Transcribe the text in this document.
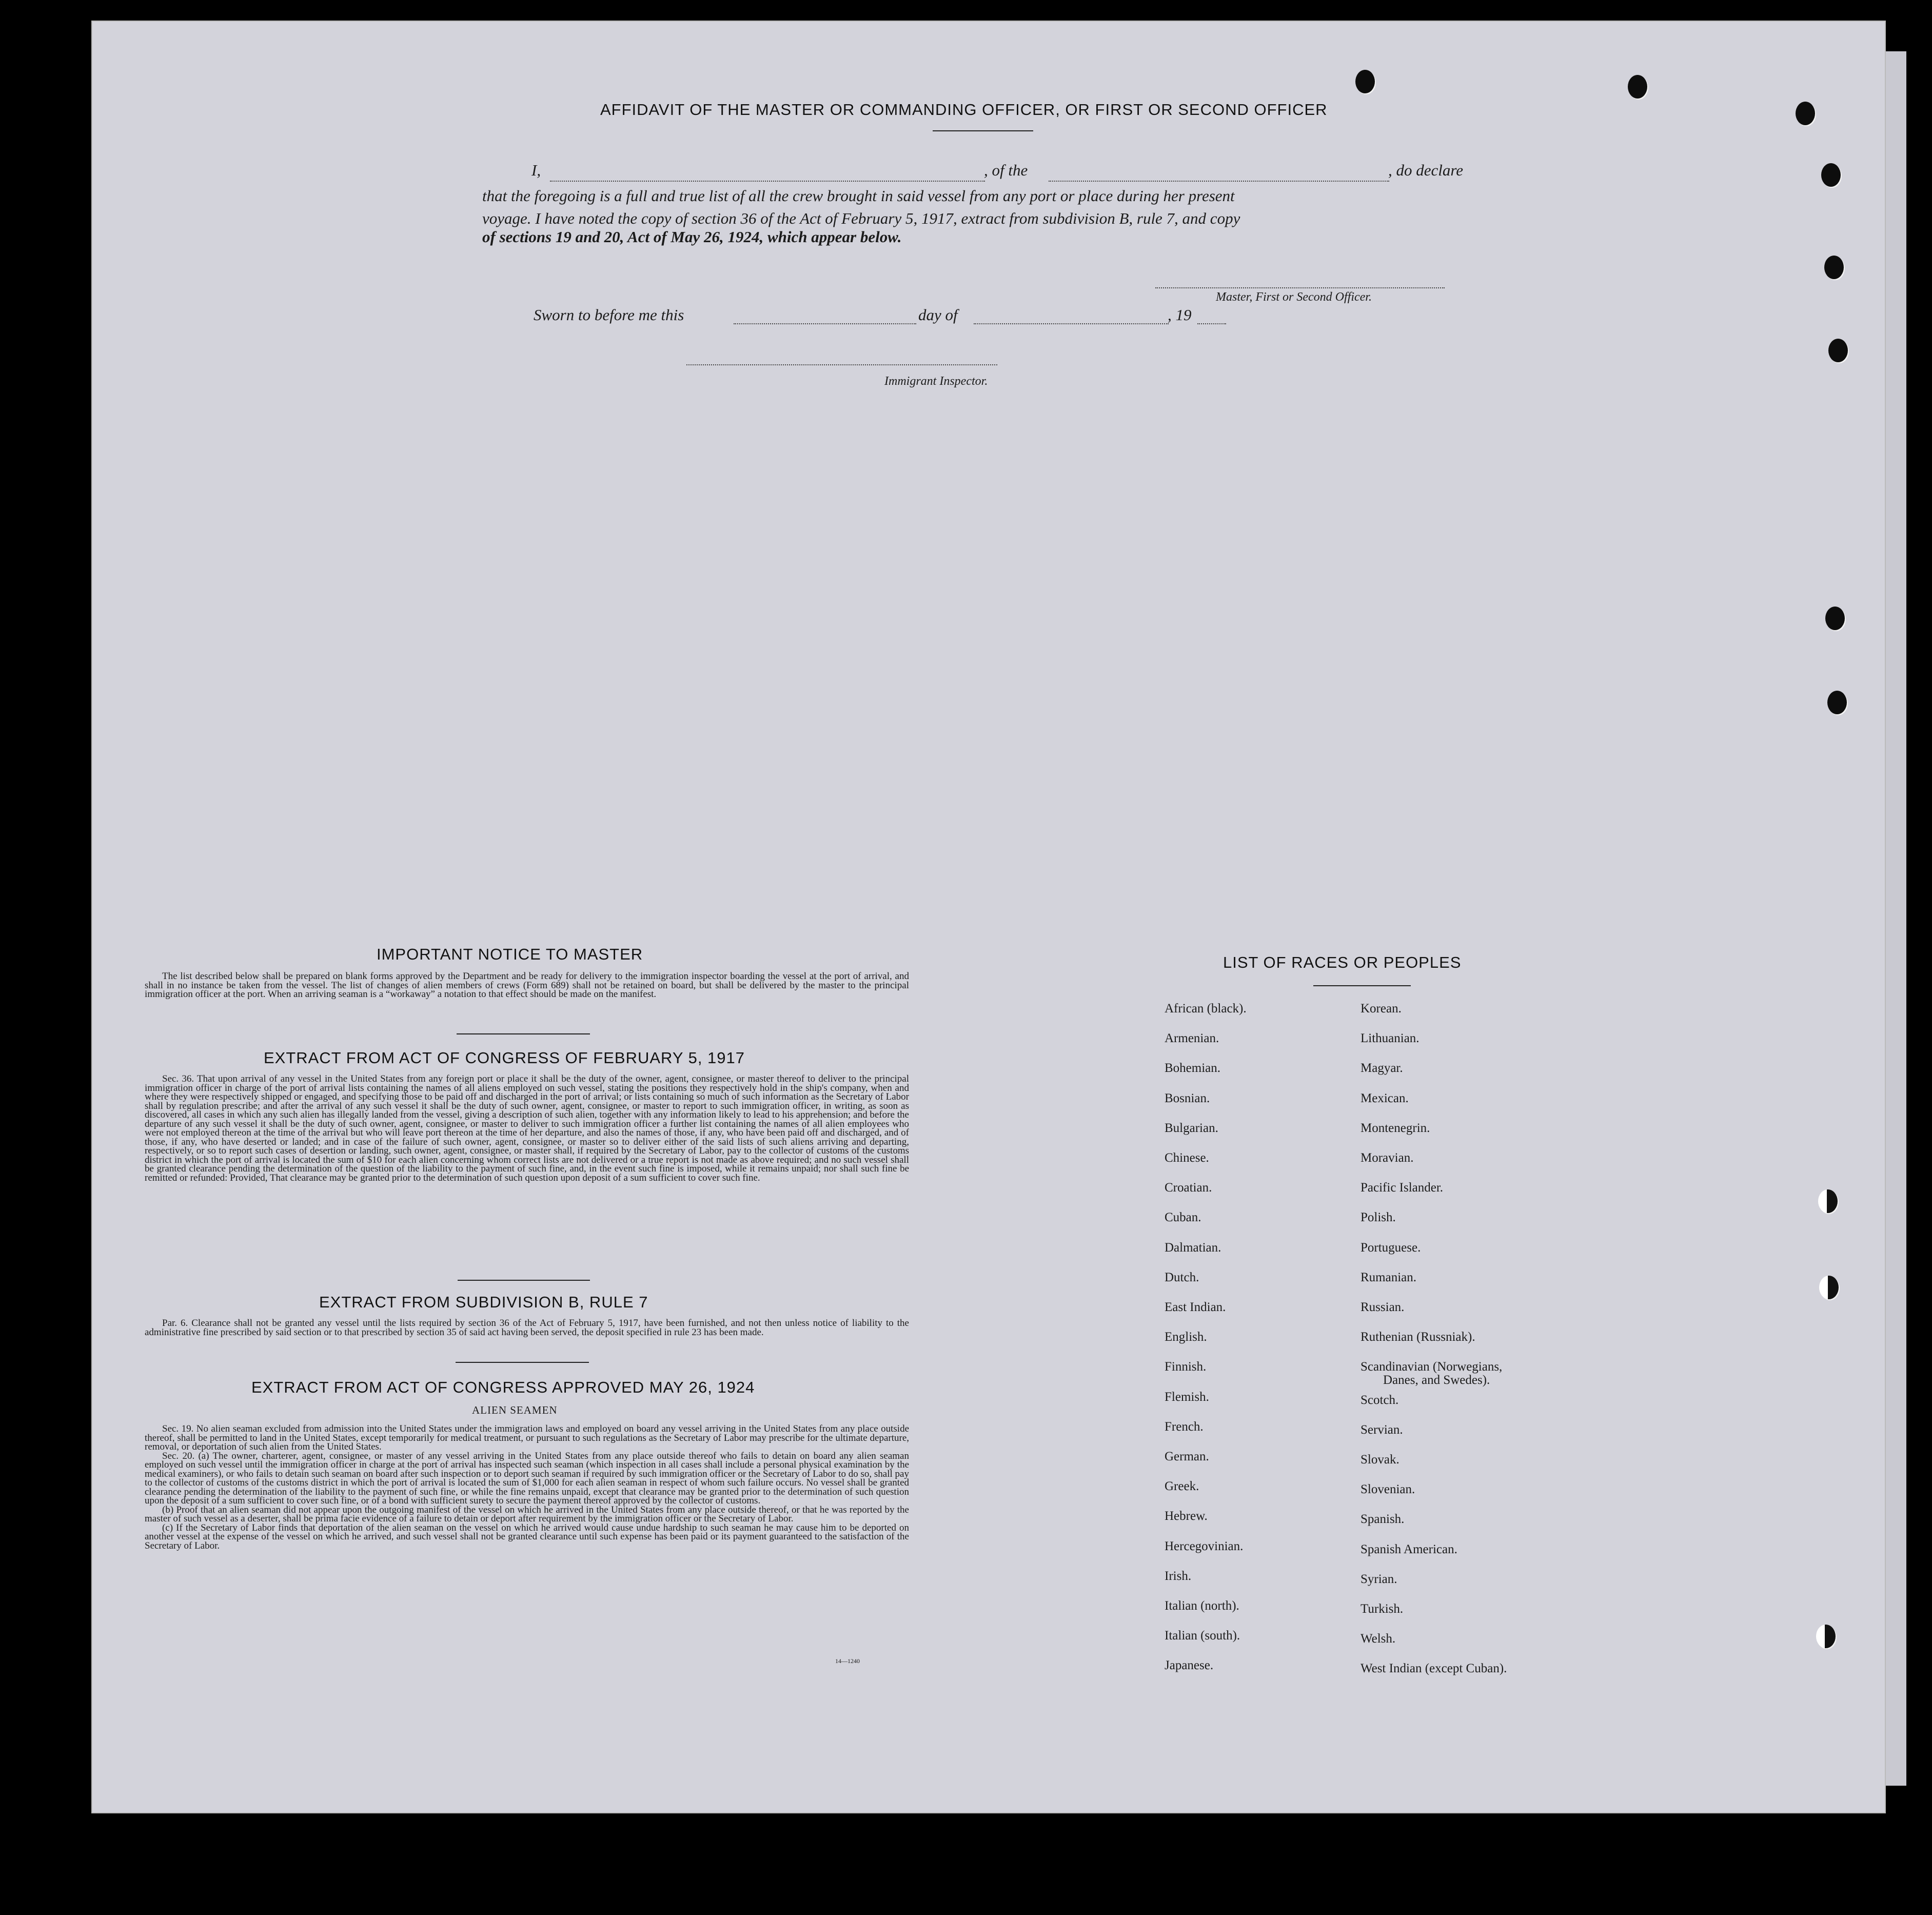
AFFIDAVIT OF THE MASTER OR COMMANDING OFFICER, OR FIRST OR SECOND OFFICER
I,	, of the	, do declare
that the foregoing is a full and true list of all the crew brought in said vessel from any port or place during her present
voyage. I have noted the copy of section 36 of the Act of February 5, 1917, extract from subdivision B, rule 7, and copy
of sections 19 and 20, Act of May 26, 1924, which appear below.
Master, First or Second Officer.
Sworn to before me this	day of	, 19
Immigrant Inspector.
IMPORTANT NOTICE TO MASTER

The list described below shall be prepared on blank forms approved by the Department and be ready for delivery to the immigration inspector boarding the vessel at the port of arrival, and shall in no instance be taken from the vessel. The list of changes of alien members of crews (Form 689) shall not be retained on board, but shall be delivered by the master to the principal immigration officer at the port. When an arriving seaman is a “workaway” a notation to that effect should be made on the manifest.

EXTRACT FROM ACT OF CONGRESS OF FEBRUARY 5, 1917

Sec. 36. That upon arrival of any vessel in the United States from any foreign port or place it shall be the duty of the owner, agent, consignee, or master thereof to deliver to the principal immigration officer in charge of the port of arrival lists containing the names of all aliens employed on such vessel, stating the positions they respectively hold in the ship's company, when and where they were respectively shipped or engaged, and specifying those to be paid off and discharged in the port of arrival; or lists containing so much of such information as the Secretary of Labor shall by regulation prescribe; and after the arrival of any such vessel it shall be the duty of such owner, agent, consignee, or master to report to such immigration officer, in writing, as soon as discovered, all cases in which any such alien has illegally landed from the vessel, giving a description of such alien, together with any information likely to lead to his apprehension; and before the departure of any such vessel it shall be the duty of such owner, agent, consignee, or master to deliver to such immigration officer a further list containing the names of all alien employees who were not employed thereon at the time of the arrival but who will leave port thereon at the time of her departure, and also the names of those, if any, who have been paid off and discharged, and of those, if any, who have deserted or landed; and in case of the failure of such owner, agent, consignee, or master so to deliver either of the said lists of such aliens arriving and departing, respectively, or so to report such cases of desertion or landing, such owner, agent, consignee, or master shall, if required by the Secretary of Labor, pay to the collector of customs of the customs district in which the port of arrival is located the sum of $10 for each alien concerning whom correct lists are not delivered or a true report is not made as above required; and no such vessel shall be granted clearance pending the determination of the question of the liability to the payment of such fine, and, in the event such fine is imposed, while it remains unpaid; nor shall such fine be remitted or refunded: Provided, That clearance may be granted prior to the determination of such question upon deposit of a sum sufficient to cover such fine.

EXTRACT FROM SUBDIVISION B, RULE 7

Par. 6. Clearance shall not be granted any vessel until the lists required by section 36 of the Act of February 5, 1917, have been furnished, and not then unless notice of liability to the administrative fine prescribed by said section or to that prescribed by section 35 of said act having been served, the deposit specified in rule 23 has been made.

EXTRACT FROM ACT OF CONGRESS APPROVED MAY 26, 1924
ALIEN SEAMEN

Sec. 19. No alien seaman excluded from admission into the United States under the immigration laws and employed on board any vessel arriving in the United States from any place outside thereof, shall be permitted to land in the United States, except temporarily for medical treatment, or pursuant to such regulations as the Secretary of Labor may prescribe for the ultimate departure, removal, or deportation of such alien from the United States.

Sec. 20. (a) The owner, charterer, agent, consignee, or master of any vessel arriving in the United States from any place outside thereof who fails to detain on board any alien seaman employed on such vessel until the immigration officer in charge at the port of arrival has inspected such seaman (which inspection in all cases shall include a personal physical examination by the medical examiners), or who fails to detain such seaman on board after such inspection or to deport such seaman if required by such immigration officer or the Secretary of Labor to do so, shall pay to the collector of customs of the customs district in which the port of arrival is located the sum of $1,000 for each alien seaman in respect of whom such failure occurs. No vessel shall be granted clearance pending the determination of the liability to the payment of such fine, or while the fine remains unpaid, except that clearance may be granted prior to the determination of such question upon the deposit of a sum sufficient to cover such fine, or of a bond with sufficient surety to secure the payment thereof approved by the collector of customs.

(b) Proof that an alien seaman did not appear upon the outgoing manifest of the vessel on which he arrived in the United States from any place outside thereof, or that he was reported by the master of such vessel as a deserter, shall be prima facie evidence of a failure to detain or deport after requirement by the immigration officer or the Secretary of Labor.

(c) If the Secretary of Labor finds that deportation of the alien seaman on the vessel on which he arrived would cause undue hardship to such seaman he may cause him to be deported on another vessel at the expense of the vessel on which he arrived, and such vessel shall not be granted clearance until such expense has been paid or its payment guaranteed to the satisfaction of the Secretary of Labor.

14—1240
LIST OF RACES OR PEOPLES
African (black).
Armenian.
Bohemian.
Bosnian.
Bulgarian.
Chinese.
Croatian.
Cuban.
Dalmatian.
Dutch.
East Indian.
English.
Finnish.
Flemish.
French.
German.
Greek.
Hebrew.
Hercegovinian.
Irish.
Italian (north).
Italian (south).
Japanese.
Korean.
Lithuanian.
Magyar.
Mexican.
Montenegrin.
Moravian.
Pacific Islander.
Polish.
Portuguese.
Rumanian.
Russian.
Ruthenian (Russniak).
Scandinavian (Norwegians,
Scotch.
Servian.
Slovak.
Slovenian.
Spanish.
Spanish American.
Syrian.
Turkish.
Welsh.
West Indian (except Cuban).
Danes, and Swedes).
